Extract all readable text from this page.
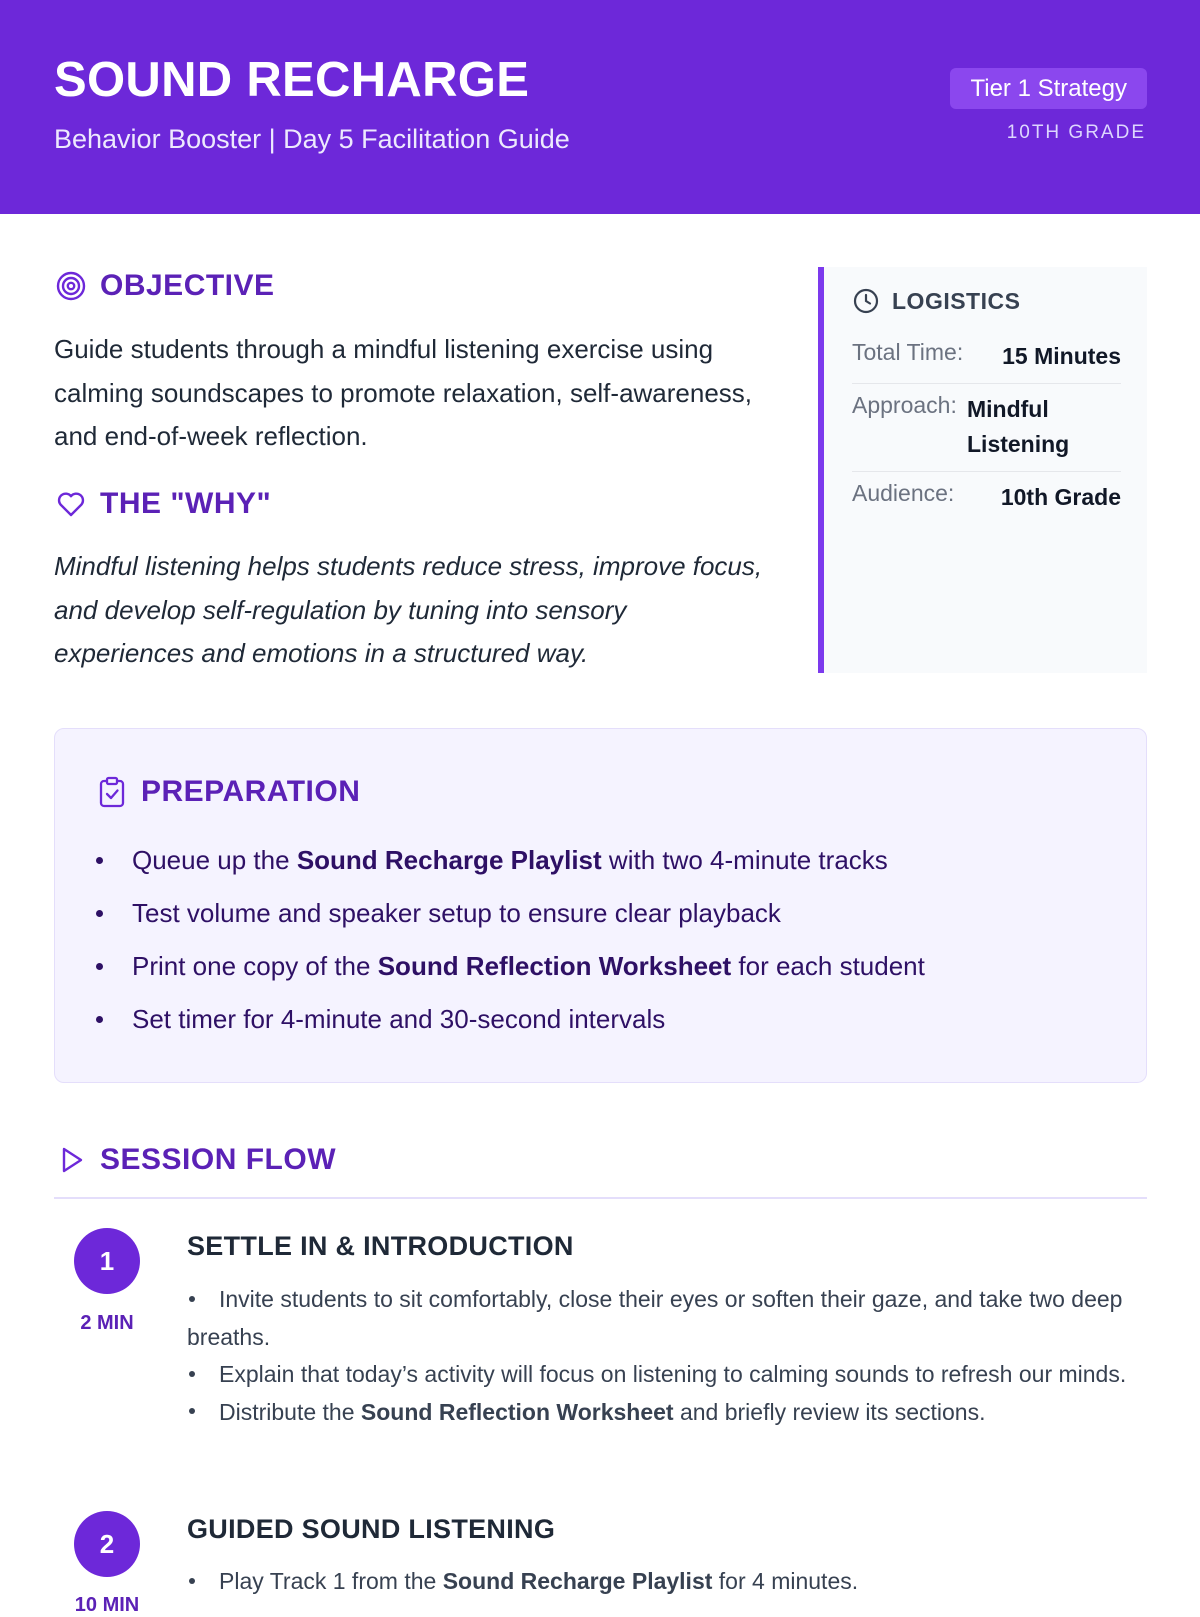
SOUND RECHARGE
Behavior Booster | Day 5 Facilitation Guide
Tier 1 Strategy
10TH GRADE
OBJECTIVE
Guide students through a mindful listening exercise using calming soundscapes to promote relaxation, self-awareness, and end-of-week reflection.
THE "WHY"
Mindful listening helps students reduce stress, improve focus, and develop self-regulation by tuning into sensory experiences and emotions in a structured way.
LOGISTICS
Total Time: 15 Minutes
Approach: Mindful Listening
Audience: 10th Grade
PREPARATION
Queue up the Sound Recharge Playlist with two 4-minute tracks
Test volume and speaker setup to ensure clear playback
Print one copy of the Sound Reflection Worksheet for each student
Set timer for 4-minute and 30-second intervals
SESSION FLOW
1
2 MIN
SETTLE IN & INTRODUCTION
Invite students to sit comfortably, close their eyes or soften their gaze, and take two deep breaths.
Explain that today’s activity will focus on listening to calming sounds to refresh our minds.
Distribute the Sound Reflection Worksheet and briefly review its sections.
2
10 MIN
GUIDED SOUND LISTENING
Play Track 1 from the Sound Recharge Playlist for 4 minutes.
